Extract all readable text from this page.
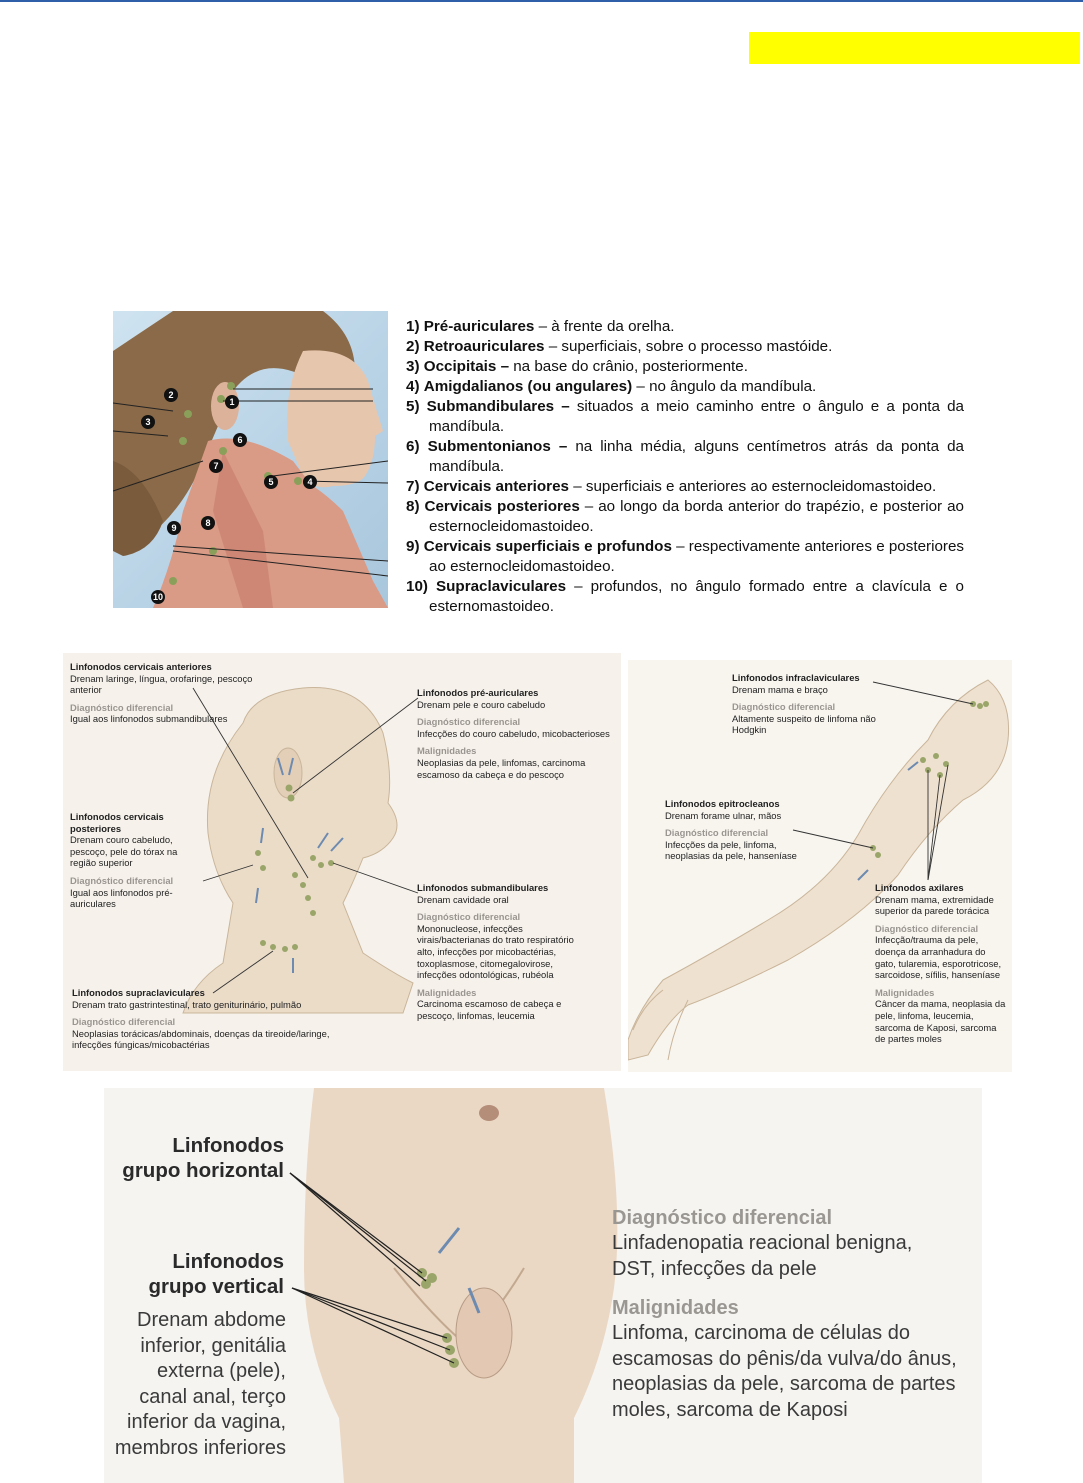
1
2
3
4
5
6
7
8
9
10

1) Pré-auriculares – à frente da orelha.

2) Retroauriculares – superficiais, sobre o processo mastóide.

3) Occipitais – na base do crânio, posteriormente.

4) Amigdalianos (ou angulares) – no ângulo da mandíbula.

5) Submandibulares – situados a meio caminho entre o ângulo e a ponta da mandíbula.

6) Submentonianos – na linha média, alguns centímetros atrás da ponta da mandíbula.

7) Cervicais anteriores – superficiais e anteriores ao esternocleidomastoideo.

8) Cervicais posteriores – ao longo da borda anterior do trapézio, e posterior ao esternocleidomastoideo.

9) Cervicais superficiais e profundos – respectivamente anteriores e posteriores ao esternocleidomastoideo.

10) Supraclaviculares – profundos, no ângulo formado entre a clavícula e o esternomastoideo.

Linfonodos cervicais anteriores
Drenam laringe, língua, orofaringe, pescoço anterior
Diagnóstico diferencial
Igual aos linfonodos submandibulares
Linfonodos cervicais posteriores
Drenam couro cabeludo, pescoço, pele do tórax na região superior
Diagnóstico diferencial
Igual aos linfonodos pré-auriculares
Linfonodos supraclaviculares
Drenam trato gastrintestinal, trato geniturinário, pulmão
Diagnóstico diferencial
Neoplasias torácicas/abdominais, doenças da tireoide/laringe, infecções fúngicas/micobactérias
Linfonodos pré-auriculares
Drenam pele e couro cabeludo
Diagnóstico diferencial
Infecções do couro cabeludo, micobacterioses
Malignidades
Neoplasias da pele, linfomas, carcinoma escamoso da cabeça e do pescoço
Linfonodos submandibulares
Drenam cavidade oral
Diagnóstico diferencial
Mononucleose, infecções virais/bacterianas do trato respiratório alto, infecções por micobactérias, toxoplasmose, citomegalovirose, infecções odontológicas, rubéola
Malignidades
Carcinoma escamoso de cabeça e pescoço, linfomas, leucemia
Linfonodos infraclaviculares
Drenam mama e braço
Diagnóstico diferencial
Altamente suspeito de linfoma não Hodgkin
Linfonodos epitrocleanos
Drenam forame ulnar, mãos
Diagnóstico diferencial
Infecções da pele, linfoma, neoplasias da pele, hanseníase
Linfonodos axilares
Drenam mama, extremidade superior da parede torácica
Diagnóstico diferencial
Infecção/trauma da pele, doença da arranhadura do gato, tularemia, esporotricose, sarcoidose, sífilis, hanseníase
Malignidades
Câncer da mama, neoplasia da pele, linfoma, leucemia, sarcoma de Kaposi, sarcoma de partes moles
Linfonodos
grupo horizontal
Linfonodos
grupo vertical
Drenam abdome
inferior, genitália
externa (pele),
canal anal, terço
inferior da vagina,
membros inferiores
Diagnóstico diferencial
Linfadenopatia reacional benigna,
DST, infecções da pele
Malignidades
Linfoma, carcinoma de células do
escamosas do pênis/da vulva/do ânus,
neoplasias da pele, sarcoma de partes
moles, sarcoma de Kaposi
